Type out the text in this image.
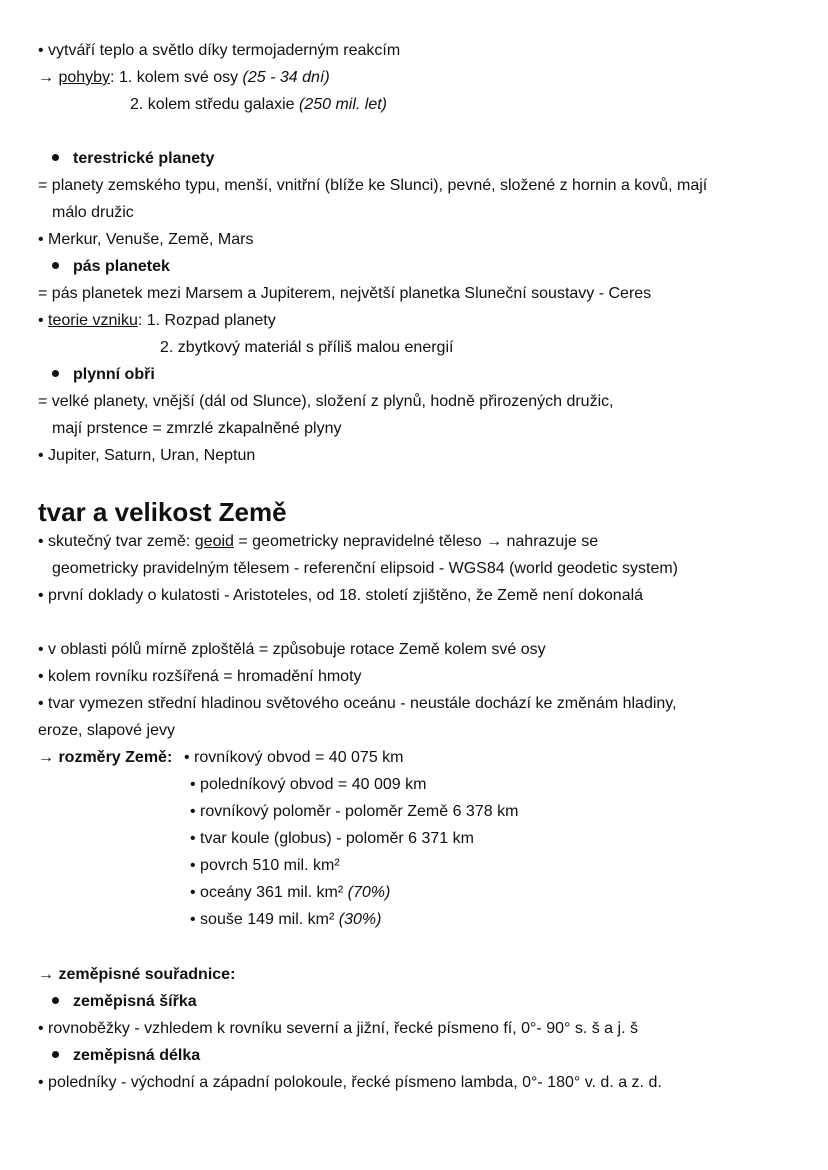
• vytváří teplo a světlo díky termojaderným reakcím
→ pohyby: 1. kolem své osy (25 - 34 dní)
2. kolem středu galaxie (250 mil. let)
terestrické planety
= planety zemského typu, menší, vnitřní (blíže ke Slunci), pevné, složené z hornin a kovů, mají
málo družic
• Merkur, Venuše, Země, Mars
pás planetek
= pás planetek mezi Marsem a Jupiterem, největší planetka Sluneční soustavy - Ceres
• teorie vzniku: 1. Rozpad planety
2. zbytkový materiál s příliš malou energií
plynní obři
= velké planety, vnější (dál od Slunce), složení z plynů, hodně přirozených družic,
mají prstence = zmrzlé zkapalněné plyny
• Jupiter, Saturn, Uran, Neptun
tvar a velikost Země
• skutečný tvar země: geoid = geometricky nepravidelné těleso → nahrazuje se
geometricky pravidelným tělesem - referenční elipsoid - WGS84 (world geodetic system)
• první doklady o kulatosti - Aristoteles, od 18. století zjištěno, že Země není dokonalá
• v oblasti pólů mírně zploštělá = způsobuje rotace Země kolem své osy
• kolem rovníku rozšířená = hromadění hmoty
• tvar vymezen střední hladinou světového oceánu - neustále dochází ke změnám hladiny,
eroze, slapové jevy
→ rozměry Země: • rovníkový obvod = 40 075 km
• poledníkový obvod = 40 009 km
• rovníkový poloměr - poloměr Země 6 378 km
• tvar koule (globus) - poloměr 6 371 km
• povrch 510 mil. km²
• oceány 361 mil. km² (70%)
• souše 149 mil. km² (30%)
→ zeměpisné souřadnice:
zeměpisná šířka
• rovnoběžky - vzhledem k rovníku severní a jižní, řecké písmeno fí, 0°- 90° s. š a j. š
zeměpisná délka
• poledníky - východní a západní polokoule, řecké písmeno lambda, 0°- 180° v. d. a z. d.
